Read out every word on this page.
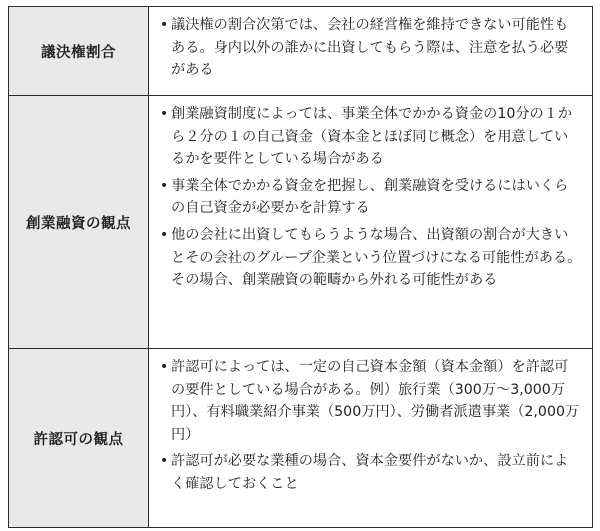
議決権割合
• 議決権の割合次第では、会社の経営権を維持できない可能性もある。身内以外の誰かに出資してもらう際は、注意を払う必要がある
創業融資の観点
• 創業融資制度によっては、事業全体でかかる資金の10分の１から２分の１の自己資金（資本金とほぼ同じ概念）を用意しているかを要件としている場合がある
• 事業全体でかかる資金を把握し、創業融資を受けるにはいくらの自己資金が必要かを計算する
• 他の会社に出資してもらうような場合、出資額の割合が大きいとその会社のグループ企業という位置づけになる可能性がある。その場合、創業融資の範疇から外れる可能性がある
許認可の観点
• 許認可によっては、一定の自己資本金額（資本金額）を許認可の要件としている場合がある。例）旅行業（300万～3,000万円）、有料職業紹介事業（500万円）、労働者派遣事業（2,000万円）
• 許認可が必要な業種の場合、資本金要件がないか、設立前によく確認しておくこと
